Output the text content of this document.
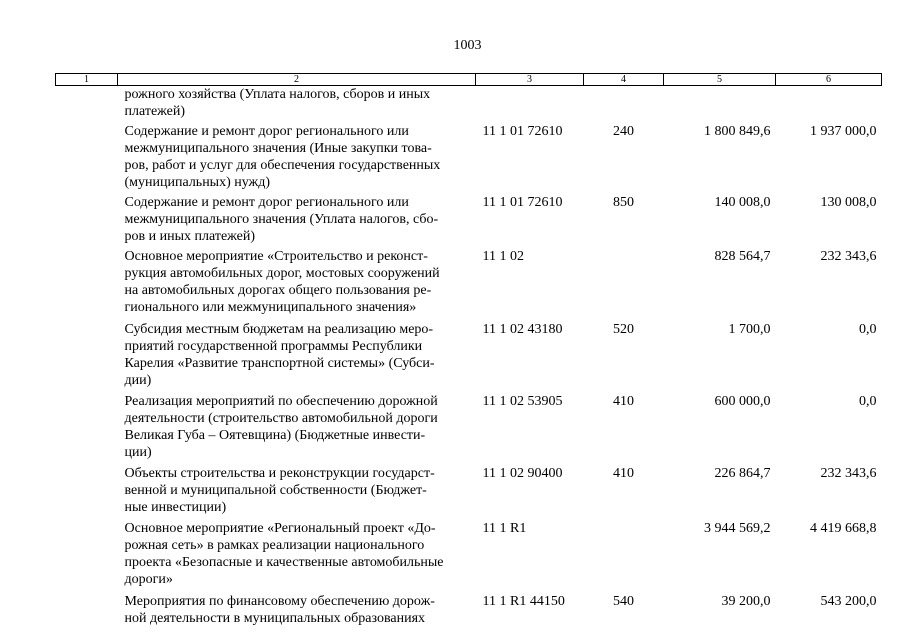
1003
1	2	3	4	5	6

	рожного хозяйства (Уплата налогов, сборов и иных
платежей)				

	Содержание и ремонт дорог регионального или
межмуниципального значения (Иные закупки това-
ров, работ и услуг для обеспечения государственных
(муниципальных) нужд)	11 1 01 72610	240	1 800 849,6	1 937 000,0

	Содержание и ремонт дорог регионального или
межмуниципального значения (Уплата налогов, сбо-
ров и иных платежей)	11 1 01 72610	850	140 008,0	130 008,0

	Основное мероприятие «Строительство и реконст-
рукция автомобильных дорог, мостовых сооружений
на автомобильных дорогах общего пользования ре-
гионального или межмуниципального значения»	11 1 02		828 564,7	232 343,6

	Субсидия местным бюджетам на реализацию меро-
приятий государственной программы Республики
Карелия «Развитие транспортной системы» (Субси-
дии)	11 1 02 43180	520	1 700,0	0,0

	Реализация мероприятий по обеспечению дорожной
деятельности (строительство автомобильной дороги
Великая Губа – Оятевщина) (Бюджетные инвести-
ции)	11 1 02 53905	410	600 000,0	0,0

	Объекты строительства и реконструкции государст-
венной и муниципальной собственности (Бюджет-
ные инвестиции)	11 1 02 90400	410	226 864,7	232 343,6

	Основное мероприятие «Региональный проект «До-
рожная сеть» в рамках реализации национального
проекта «Безопасные и качественные автомобильные
дороги»	11 1 R1		3 944 569,2	4 419 668,8

	Мероприятия по финансовому обеспечению дорож-
ной деятельности в муниципальных образованиях	11 1 R1 44150	540	39 200,0	543 200,0
